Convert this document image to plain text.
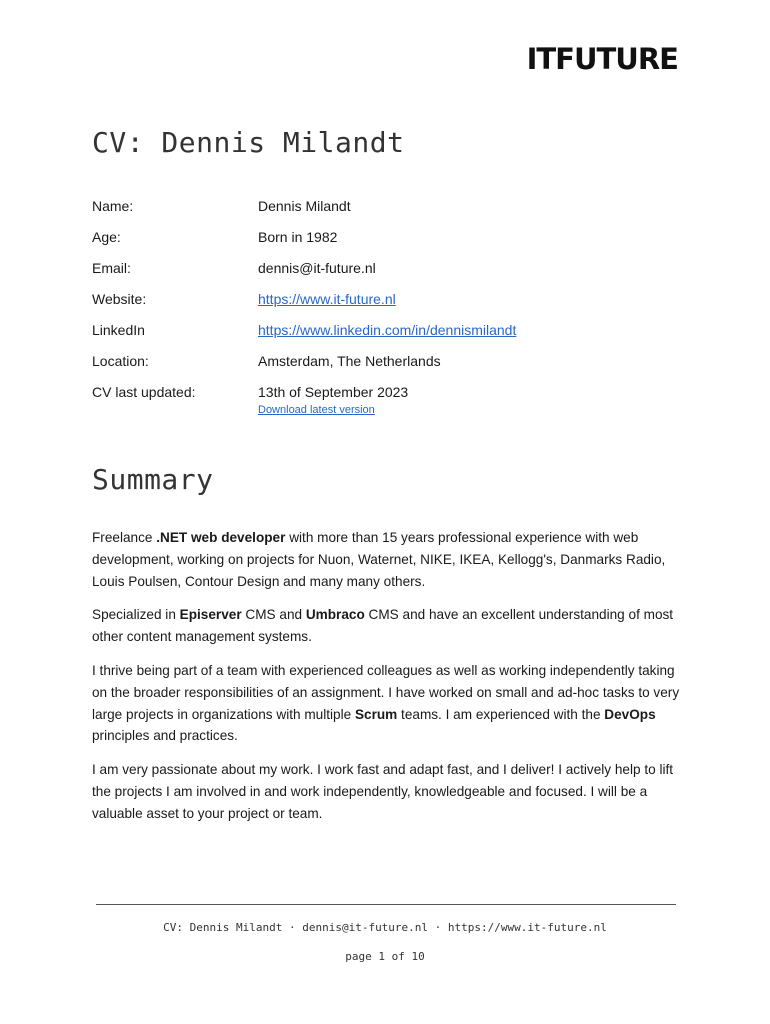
ITFUTURE
CV: Dennis Milandt
Name:	Dennis Milandt
Age:	Born in 1982
Email:	dennis@it-future.nl
Website:	https://www.it-future.nl
LinkedIn	https://www.linkedin.com/in/dennismilandt
Location:	Amsterdam, The Netherlands
CV last updated:	13th of September 2023
Download latest version
Summary

Freelance .NET web developer with more than 15 years professional experience with web development, working on projects for Nuon, Waternet, NIKE, IKEA, Kellogg's, Danmarks Radio, Louis Poulsen, Contour Design and many many others.

Specialized in Episerver CMS and Umbraco CMS and have an excellent understanding of most other content management systems.

I thrive being part of a team with experienced colleagues as well as working independently taking on the broader responsibilities of an assignment. I have worked on small and ad-hoc tasks to very large projects in organizations with multiple Scrum teams. I am experienced with the DevOps principles and practices.

I am very passionate about my work. I work fast and adapt fast, and I deliver! I actively help to lift the projects I am involved in and work independently, knowledgeable and focused. I will be a valuable asset to your project or team.

CV: Dennis Milandt · dennis@it-future.nl · https://www.it-future.nl
page 1 of 10
